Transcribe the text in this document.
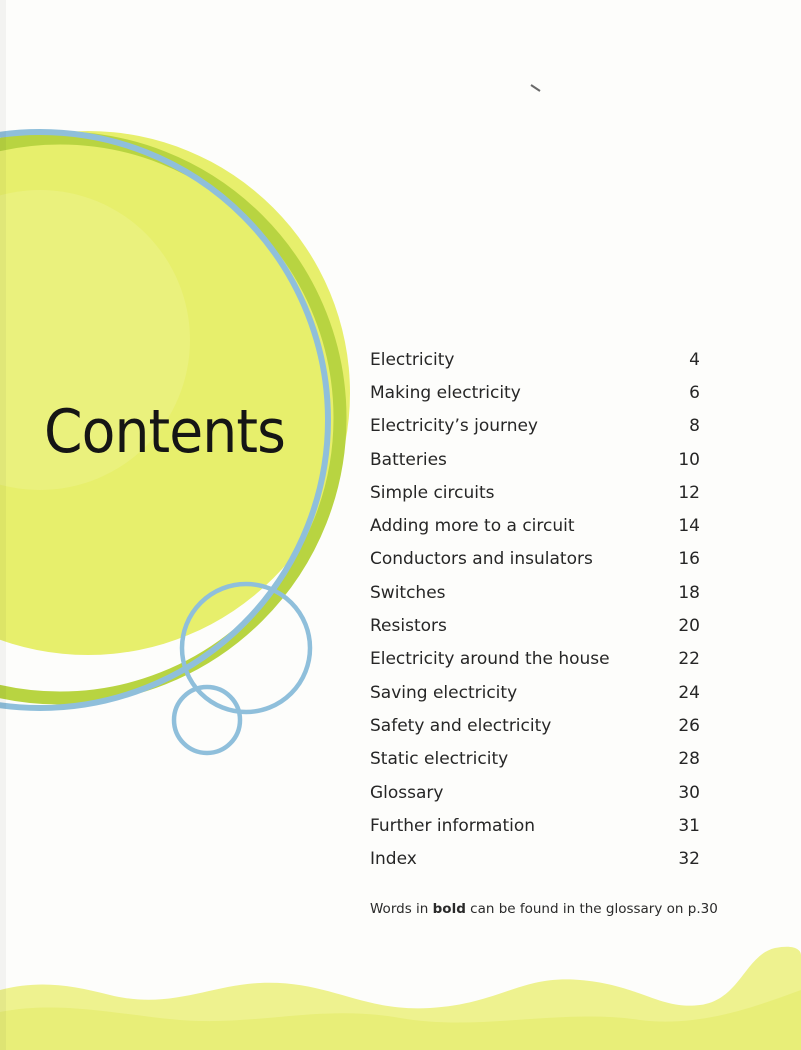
Contents
Electricity	4
Making electricity	6
Electricity’s journey	8
Batteries	10
Simple circuits	12
Adding more to a circuit	14
Conductors and insulators	16
Switches	18
Resistors	20
Electricity around the house	22
Saving electricity	24
Safety and electricity	26
Static electricity	28
Glossary	30
Further information	31
Index	32
Words in bold can be found in the glossary on p.30
